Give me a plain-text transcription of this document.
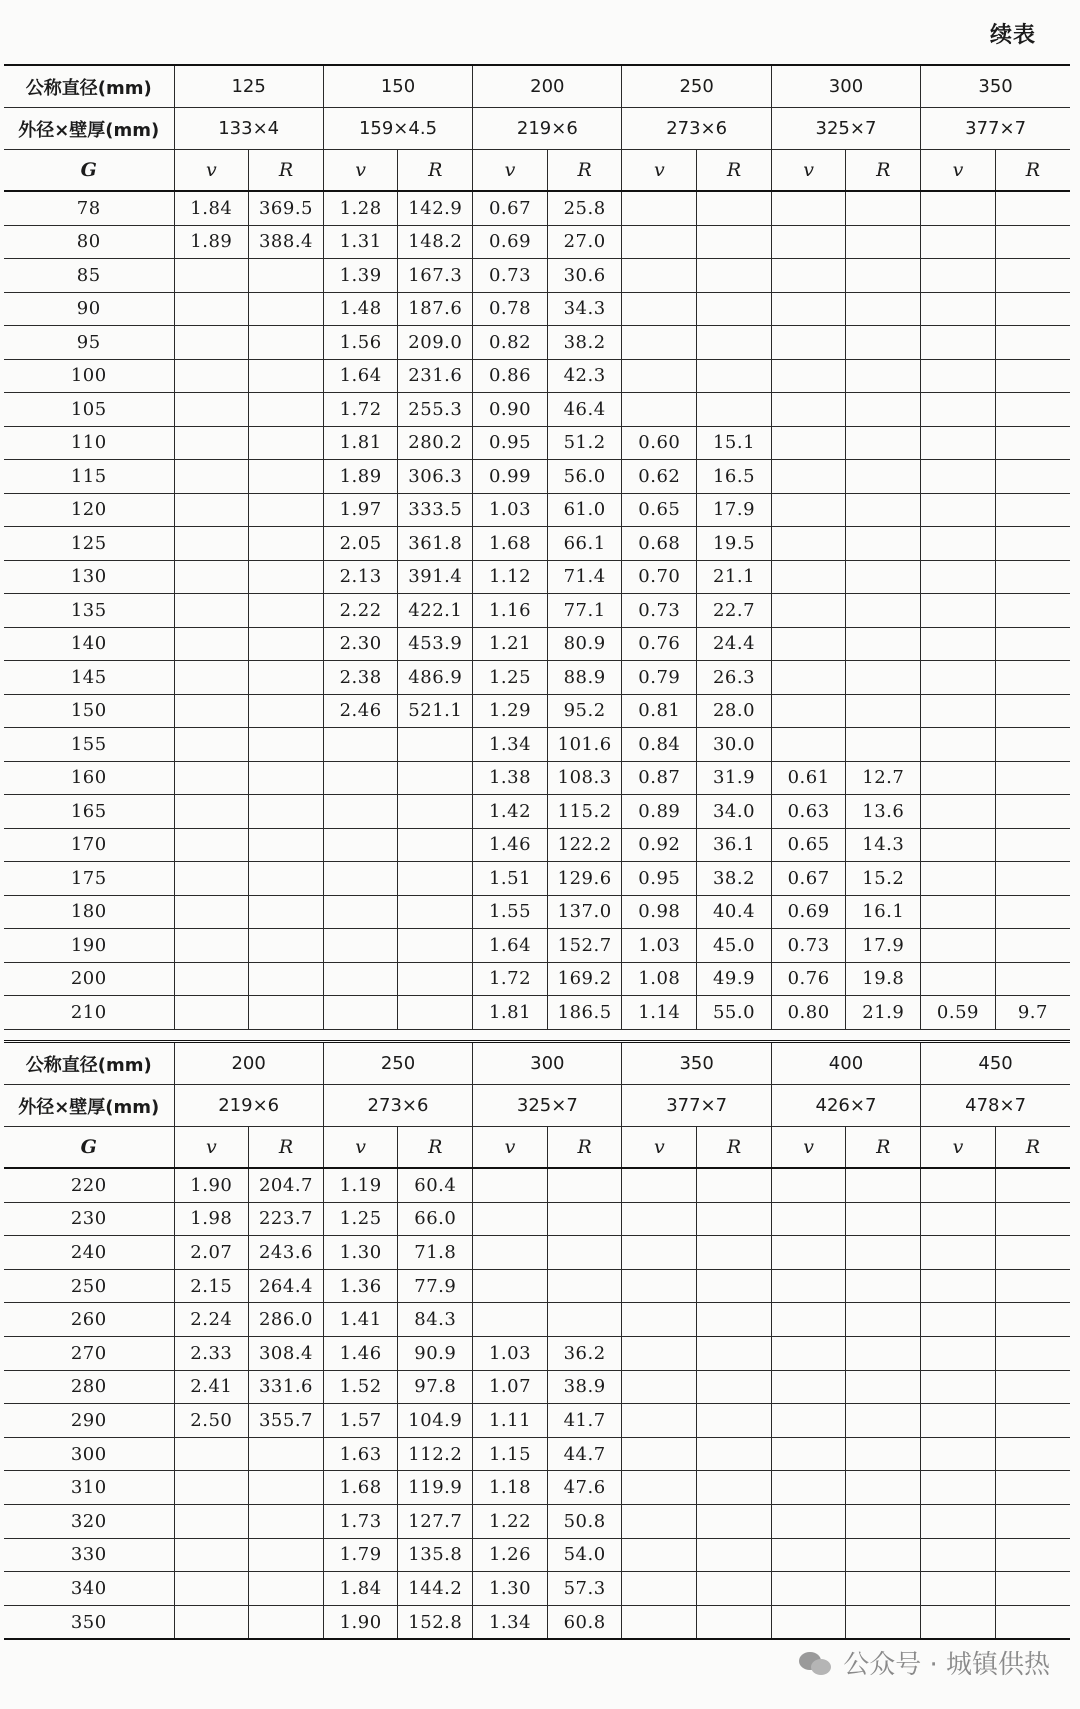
续表
公称直径(mm)	125		150		200		250		300		350	
外径×壁厚(mm)	133×4		159×4.5		219×6		273×6		325×7		377×7	
G	v	R	v	R	v	R	v	R	v	R	v	R
78	1.84	369.5	1.28	142.9	0.67	25.8						
80	1.89	388.4	1.31	148.2	0.69	27.0						
85			1.39	167.3	0.73	30.6						
90			1.48	187.6	0.78	34.3						
95			1.56	209.0	0.82	38.2						
100			1.64	231.6	0.86	42.3						
105			1.72	255.3	0.90	46.4						
110			1.81	280.2	0.95	51.2	0.60	15.1				
115			1.89	306.3	0.99	56.0	0.62	16.5				
120			1.97	333.5	1.03	61.0	0.65	17.9				
125			2.05	361.8	1.68	66.1	0.68	19.5				
130			2.13	391.4	1.12	71.4	0.70	21.1				
135			2.22	422.1	1.16	77.1	0.73	22.7				
140			2.30	453.9	1.21	80.9	0.76	24.4				
145			2.38	486.9	1.25	88.9	0.79	26.3				
150			2.46	521.1	1.29	95.2	0.81	28.0				
155					1.34	101.6	0.84	30.0				
160					1.38	108.3	0.87	31.9	0.61	12.7		
165					1.42	115.2	0.89	34.0	0.63	13.6		
170					1.46	122.2	0.92	36.1	0.65	14.3		
175					1.51	129.6	0.95	38.2	0.67	15.2		
180					1.55	137.0	0.98	40.4	0.69	16.1		
190					1.64	152.7	1.03	45.0	0.73	17.9		
200					1.72	169.2	1.08	49.9	0.76	19.8		
210					1.81	186.5	1.14	55.0	0.80	21.9	0.59	9.7
公称直径(mm)	200		250		300		350		400		450	
外径×壁厚(mm)	219×6		273×6		325×7		377×7		426×7		478×7	
G	v	R	v	R	v	R	v	R	v	R	v	R
220	1.90	204.7	1.19	60.4								
230	1.98	223.7	1.25	66.0								
240	2.07	243.6	1.30	71.8								
250	2.15	264.4	1.36	77.9								
260	2.24	286.0	1.41	84.3								
270	2.33	308.4	1.46	90.9	1.03	36.2						
280	2.41	331.6	1.52	97.8	1.07	38.9						
290	2.50	355.7	1.57	104.9	1.11	41.7						
300			1.63	112.2	1.15	44.7						
310			1.68	119.9	1.18	47.6						
320			1.73	127.7	1.22	50.8						
330			1.79	135.8	1.26	54.0						
340			1.84	144.2	1.30	57.3						
350			1.90	152.8	1.34	60.8						
公众号 · 城镇供热
